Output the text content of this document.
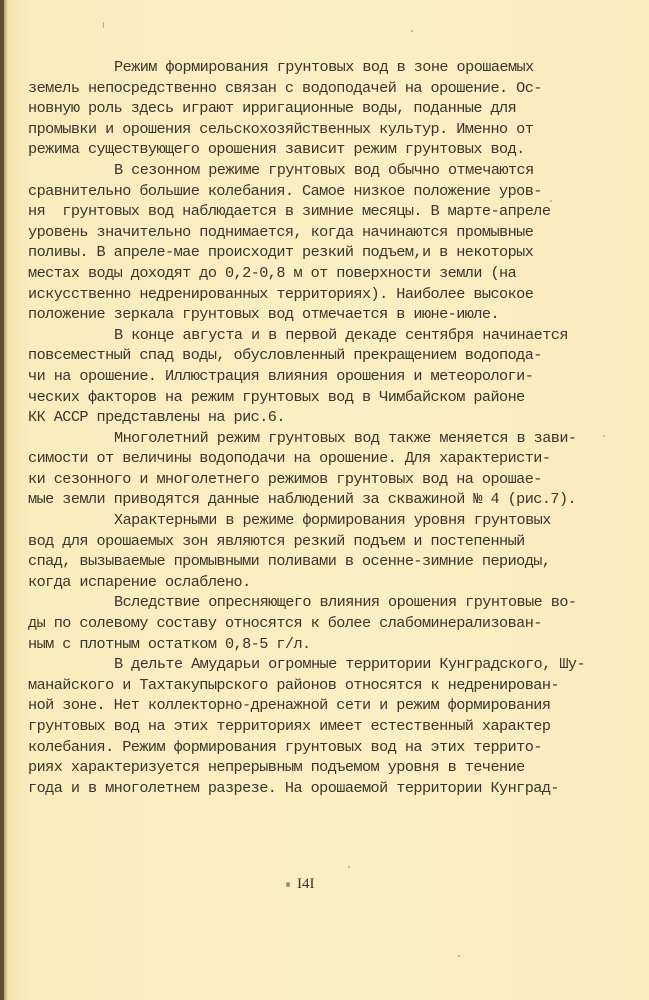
Режим формирования грунтовых вод в зоне орошаемых
земель непосредственно связан с водоподачей на орошение. Ос-
новную роль здесь играют ирригационные воды, поданные для
промывки и орошения сельскохозяйственных культур. Именно от
режима существующего орошения зависит режим грунтовых вод.
В сезонном режиме грунтовых вод обычно отмечаются
сравнительно большие колебания. Самое низкое положение уров-
ня  грунтовых вод наблюдается в зимние месяцы. В марте-апреле
уровень значительно поднимается, когда начинаются промывные
поливы. В апреле-мае происходит резкий подъем,и в некоторых
местах воды доходят до 0,2-0,8 м от поверхности земли (на
искусственно недренированных территориях). Наиболее высокое
положение зеркала грунтовых вод отмечается в июне-июле.
В конце августа и в первой декаде сентября начинается
повсеместный спад воды, обусловленный прекращением водопода-
чи на орошение. Иллюстрация влияния орошения и метеорологи-
ческих факторов на режим грунтовых вод в Чимбайском районе
КК АССР представлены на рис.6.
Многолетний режим грунтовых вод также меняется в зави-
симости от величины водоподачи на орошение. Для характеристи-
ки сезонного и многолетнего режимов грунтовых вод на орошае-
мые земли приводятся данные наблюдений за скважиной № 4 (рис.7).
Характерными в режиме формирования уровня грунтовых
вод для орошаемых зон являются резкий подъем и постепенный
спад, вызываемые промывными поливами в осенне-зимние периоды,
когда испарение ослаблено.
Вследствие опресняющего влияния орошения грунтовые во-
ды по солевому составу относятся к более слабоминерализован-
ным с плотным остатком 0,8-5 г/л.
В дельте Амударьи огромные территории Кунградского, Шу-
манайского и Тахтакупырского районов относятся к недренирован-
ной зоне. Нет коллекторно-дренажной сети и режим формирования
грунтовых вод на этих территориях имеет естественный характер
колебания. Режим формирования грунтовых вод на этих террито-
риях характеризуется непрерывным подъемом уровня в течение
года и в многолетнем разрезе. На орошаемой территории Кунград-
I4I
